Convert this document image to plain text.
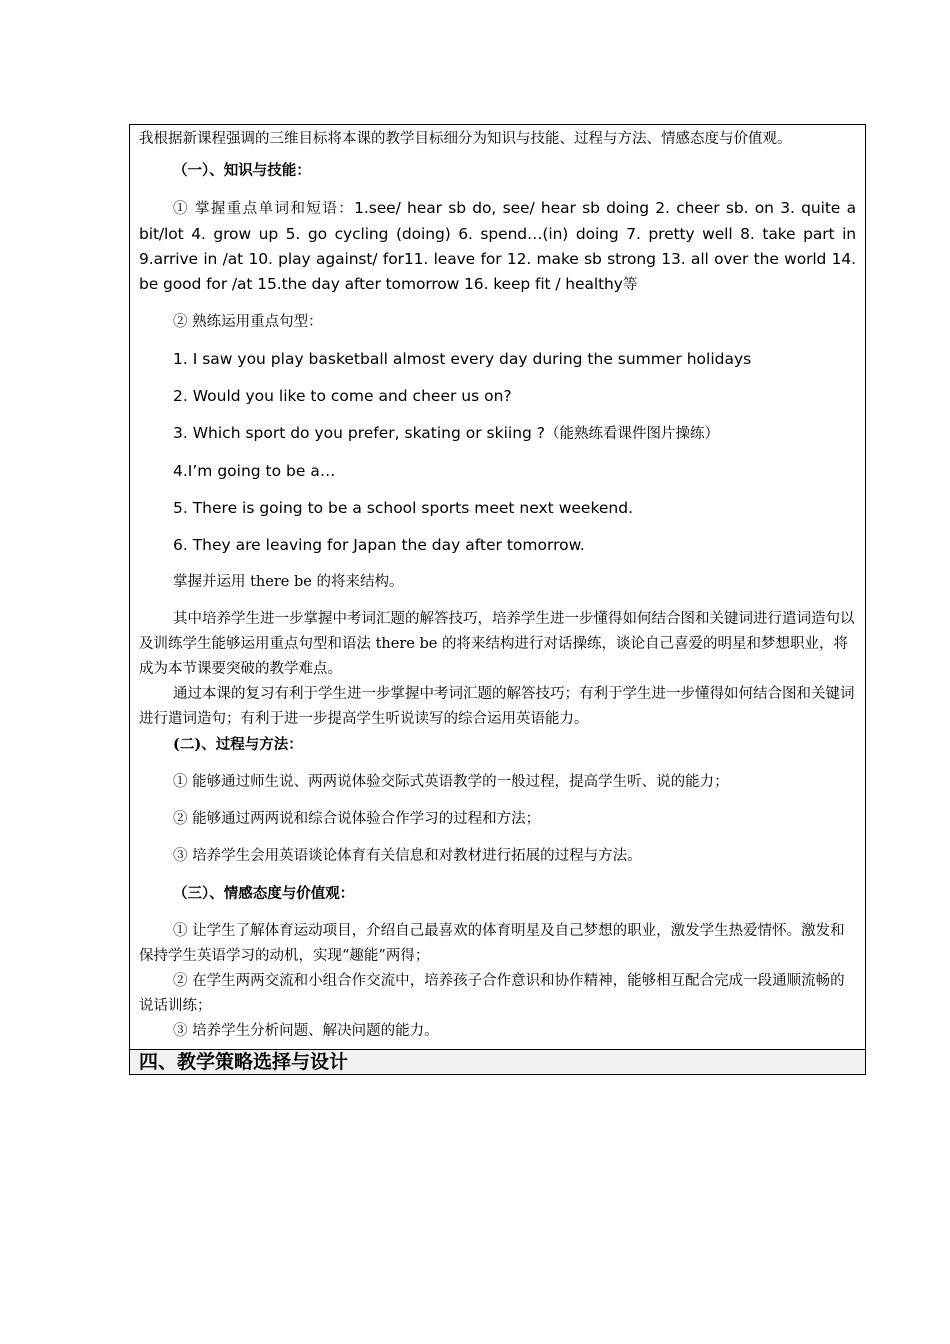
我根据新课程强调的三维目标将本课的教学目标细分为知识与技能、过程与方法、情感态度与价值观。

（一）、知识与技能：

① 掌握重点单词和短语：1.see/ hear sb do, see/ hear sb doing 2. cheer sb. on 3. quite a bit/lot 4. grow up 5. go cycling (doing) 6. spend…(in) doing 7. pretty well 8. take part in 9.arrive in /at 10. play against/ for11. leave for 12. make sb strong 13. all over the world 14. be good for /at 15.the day after tomorrow 16. keep fit / healthy等

② 熟练运用重点句型：

1. I saw you play basketball almost every day during the summer holidays

2. Would you like to come and cheer us on?

3. Which sport do you prefer, skating or skiing ?（能熟练看课件图片操练）

4.I’m going to be a…

5. There is going to be a school sports meet next weekend.

6. They are leaving for Japan the day after tomorrow.

掌握并运用 there be 的将来结构。

其中培养学生进一步掌握中考词汇题的解答技巧，培养学生进一步懂得如何结合图和关键词进行遣词造句以及训练学生能够运用重点句型和语法 there be 的将来结构进行对话操练，谈论自己喜爱的明星和梦想职业，将成为本节课要突破的教学难点。

通过本课的复习有利于学生进一步掌握中考词汇题的解答技巧；有利于学生进一步懂得如何结合图和关键词进行遣词造句；有利于进一步提高学生听说读写的综合运用英语能力。

(二)、过程与方法：

① 能够通过师生说、两两说体验交际式英语教学的一般过程，提高学生听、说的能力；

② 能够通过两两说和综合说体验合作学习的过程和方法；

③ 培养学生会用英语谈论体育有关信息和对教材进行拓展的过程与方法。

（三）、情感态度与价值观：

① 让学生了解体育运动项目，介绍自己最喜欢的体育明星及自己梦想的职业，激发学生热爱情怀。激发和保持学生英语学习的动机，实现“趣能”两得；

② 在学生两两交流和小组合作交流中，培养孩子合作意识和协作精神，能够相互配合完成一段通顺流畅的说话训练；

③ 培养学生分析问题、解决问题的能力。

四、教学策略选择与设计
